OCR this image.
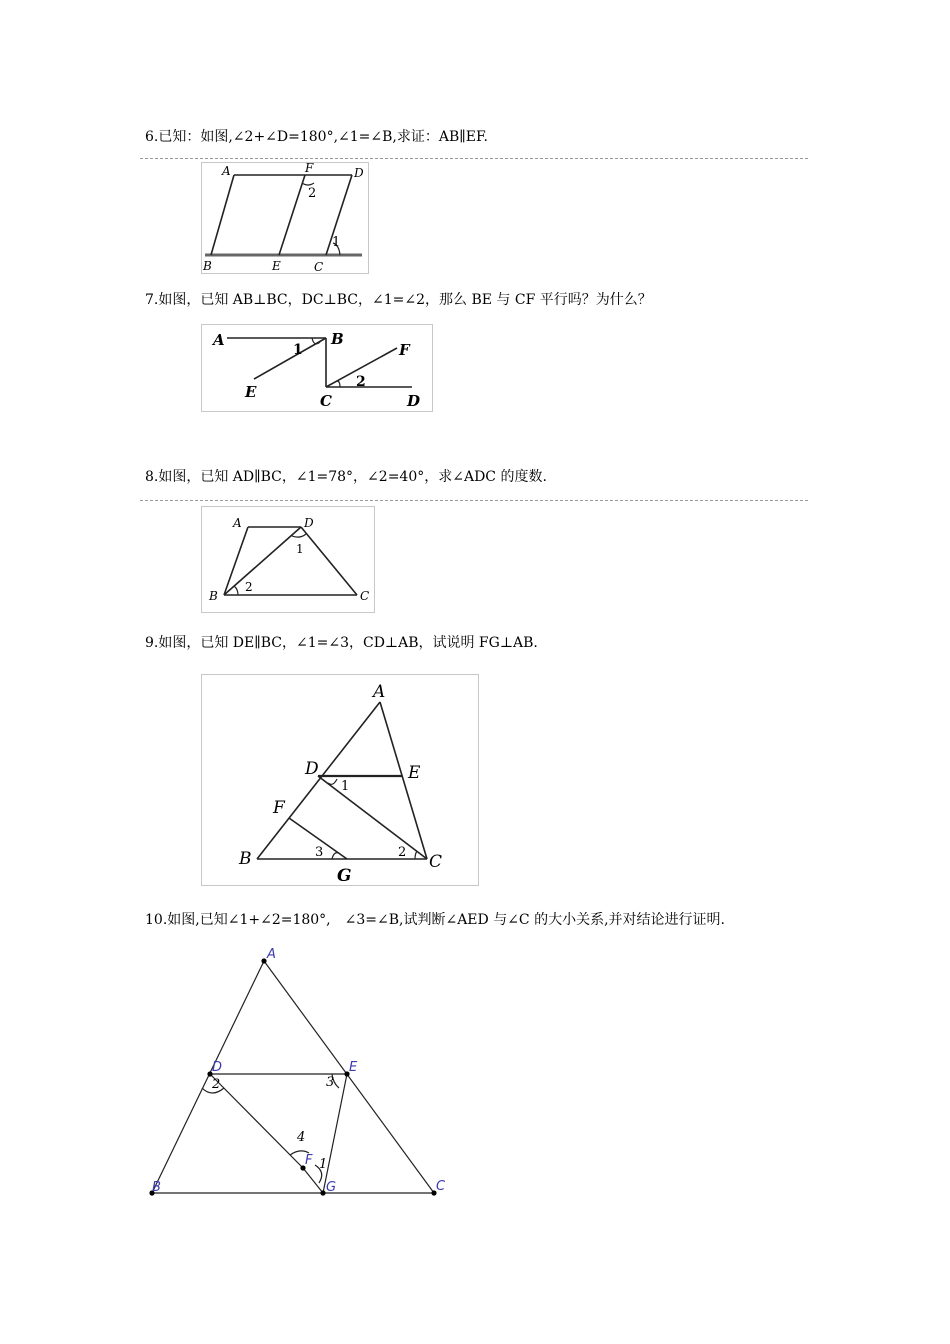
6.已知：如图,∠2+∠D=180°,∠1=∠B,求证：AB∥EF.
A	F	D
B	E	C
2
1
7.如图，已知 AB⊥BC，DC⊥BC，∠1=∠2，那么 BE 与 CF 平行吗？为什么？
A	B
F
E	C	D
1
2
8.如图，已知 AD∥BC，∠1=78°，∠2=40°，求∠ADC 的度数.
A	D
B	C
1
2
9.如图，已知 DE∥BC，∠1=∠3，CD⊥AB，试说明 FG⊥AB.
A
D	E
F
B	C
G
1
2
3
10.如图,已知∠1+∠2=180°,　∠3=∠B,试判断∠AED 与∠C 的大小关系,并对结论进行证明.
A
D	E
F
B	G	C
1
2	3
4
